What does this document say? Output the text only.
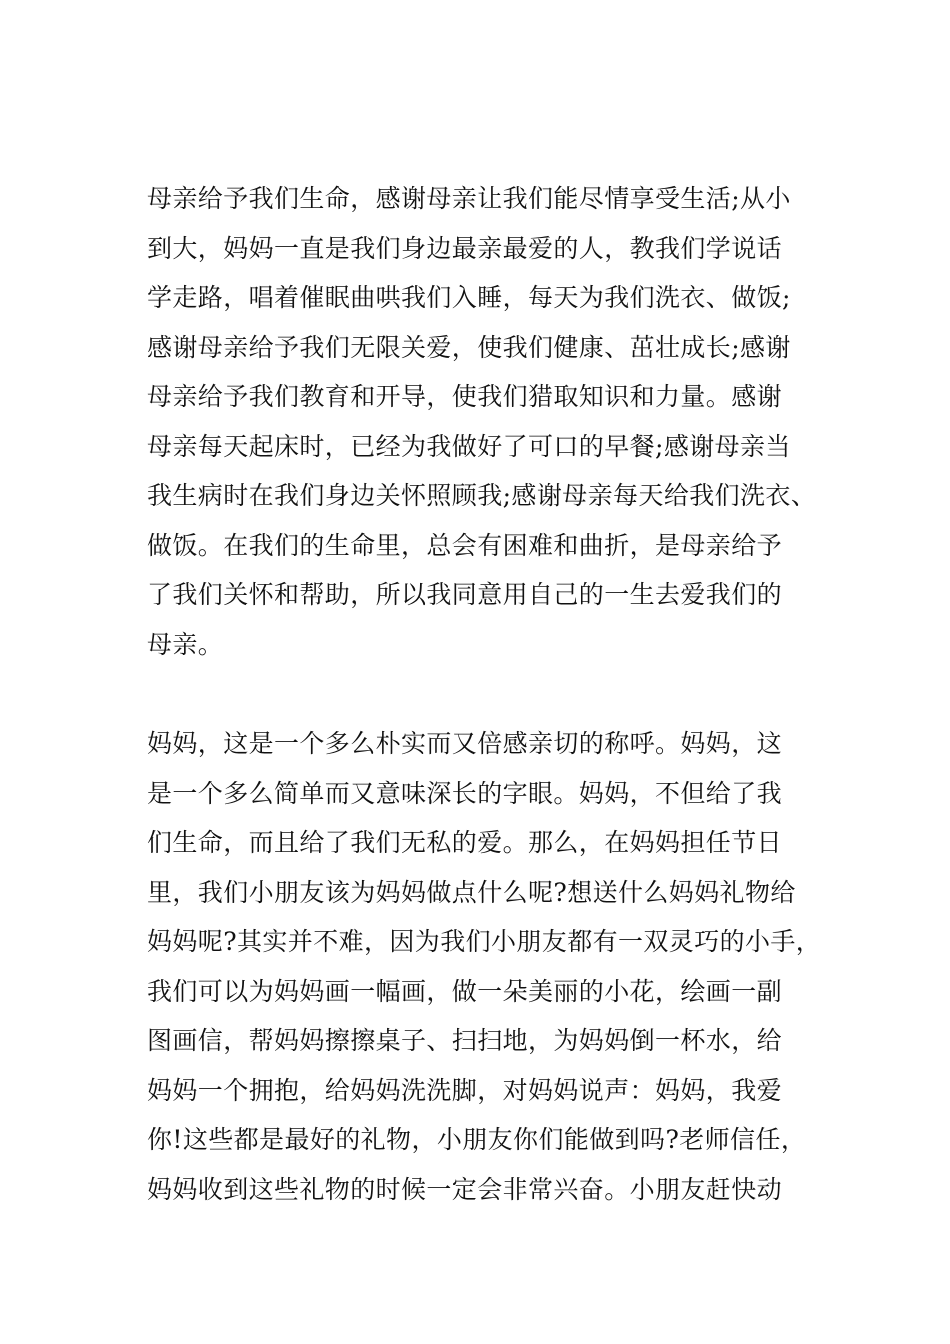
母亲给予我们生命，感谢母亲让我们能尽情享受生活;从小
到大，妈妈一直是我们身边最亲最爱的人，教我们学说话
学走路，唱着催眠曲哄我们入睡，每天为我们洗衣、做饭;
感谢母亲给予我们无限关爱，使我们健康、茁壮成长;感谢
母亲给予我们教育和开导，使我们猎取知识和力量。感谢
母亲每天起床时，已经为我做好了可口的早餐;感谢母亲当
我生病时在我们身边关怀照顾我;感谢母亲每天给我们洗衣、
做饭。在我们的生命里，总会有困难和曲折，是母亲给予
了我们关怀和帮助，所以我同意用自己的一生去爱我们的
母亲。
妈妈，这是一个多么朴实而又倍感亲切的称呼。妈妈，这
是一个多么简单而又意味深长的字眼。妈妈，不但给了我
们生命，而且给了我们无私的爱。那么，在妈妈担任节日
里，我们小朋友该为妈妈做点什么呢?想送什么妈妈礼物给
妈妈呢?其实并不难，因为我们小朋友都有一双灵巧的小手，
我们可以为妈妈画一幅画，做一朵美丽的小花，绘画一副
图画信，帮妈妈擦擦桌子、扫扫地，为妈妈倒一杯水，给
妈妈一个拥抱，给妈妈洗洗脚，对妈妈说声：妈妈，我爱
你!这些都是最好的礼物，小朋友你们能做到吗?老师信任，
妈妈收到这些礼物的时候一定会非常兴奋。小朋友赶快动
